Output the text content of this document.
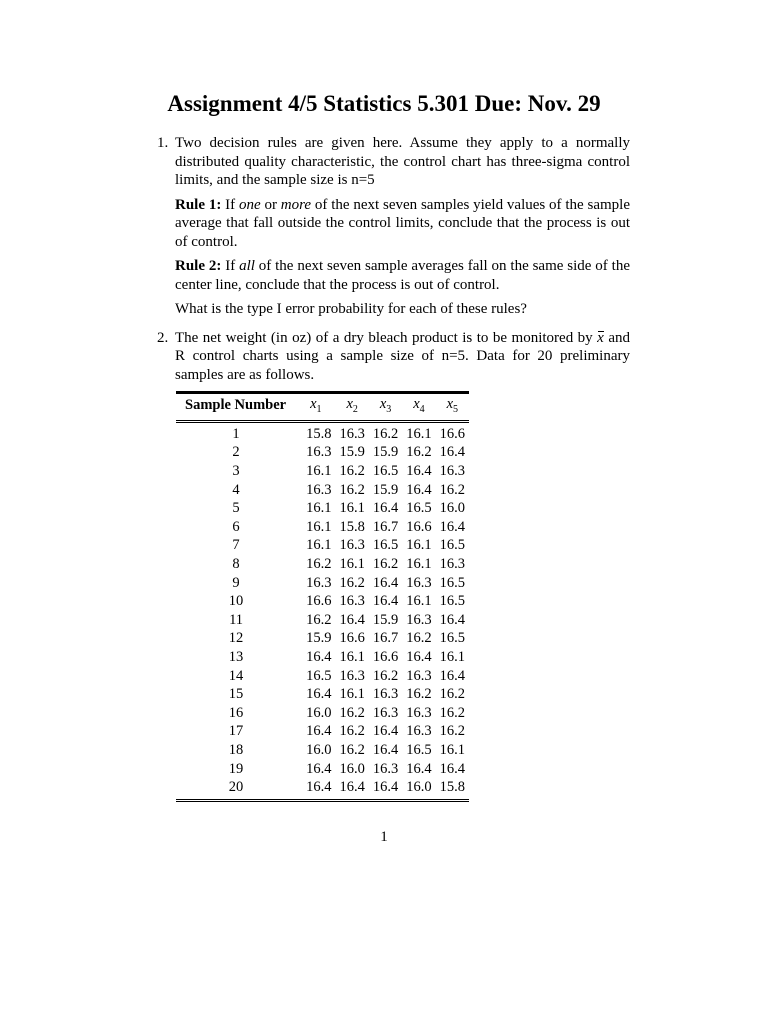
Assignment 4/5 Statistics 5.301 Due: Nov. 29
1. Two decision rules are given here. Assume they apply to a normally distributed quality characteristic, the control chart has three-sigma control limits, and the sample size is n=5

Rule 1: If one or more of the next seven samples yield values of the sample average that fall outside the control limits, conclude that the process is out of control.

Rule 2: If all of the next seven sample averages fall on the same side of the center line, conclude that the process is out of control.

What is the type I error probability for each of these rules?

2. The net weight (in oz) of a dry bleach product is to be monitored by x and R control charts using a sample size of n=5. Data for 20 preliminary samples are as follows.

Sample Number	$x_1$	$x_2$	$x_3$	$x_4$	$x_5$
1	15.8	16.3	16.2	16.1	16.6
2	16.3	15.9	15.9	16.2	16.4
3	16.1	16.2	16.5	16.4	16.3
4	16.3	16.2	15.9	16.4	16.2
5	16.1	16.1	16.4	16.5	16.0
6	16.1	15.8	16.7	16.6	16.4
7	16.1	16.3	16.5	16.1	16.5
8	16.2	16.1	16.2	16.1	16.3
9	16.3	16.2	16.4	16.3	16.5
10	16.6	16.3	16.4	16.1	16.5
11	16.2	16.4	15.9	16.3	16.4
12	15.9	16.6	16.7	16.2	16.5
13	16.4	16.1	16.6	16.4	16.1
14	16.5	16.3	16.2	16.3	16.4
15	16.4	16.1	16.3	16.2	16.2
16	16.0	16.2	16.3	16.3	16.2
17	16.4	16.2	16.4	16.3	16.2
18	16.0	16.2	16.4	16.5	16.1
19	16.4	16.0	16.3	16.4	16.4
20	16.4	16.4	16.4	16.0	15.8
1
